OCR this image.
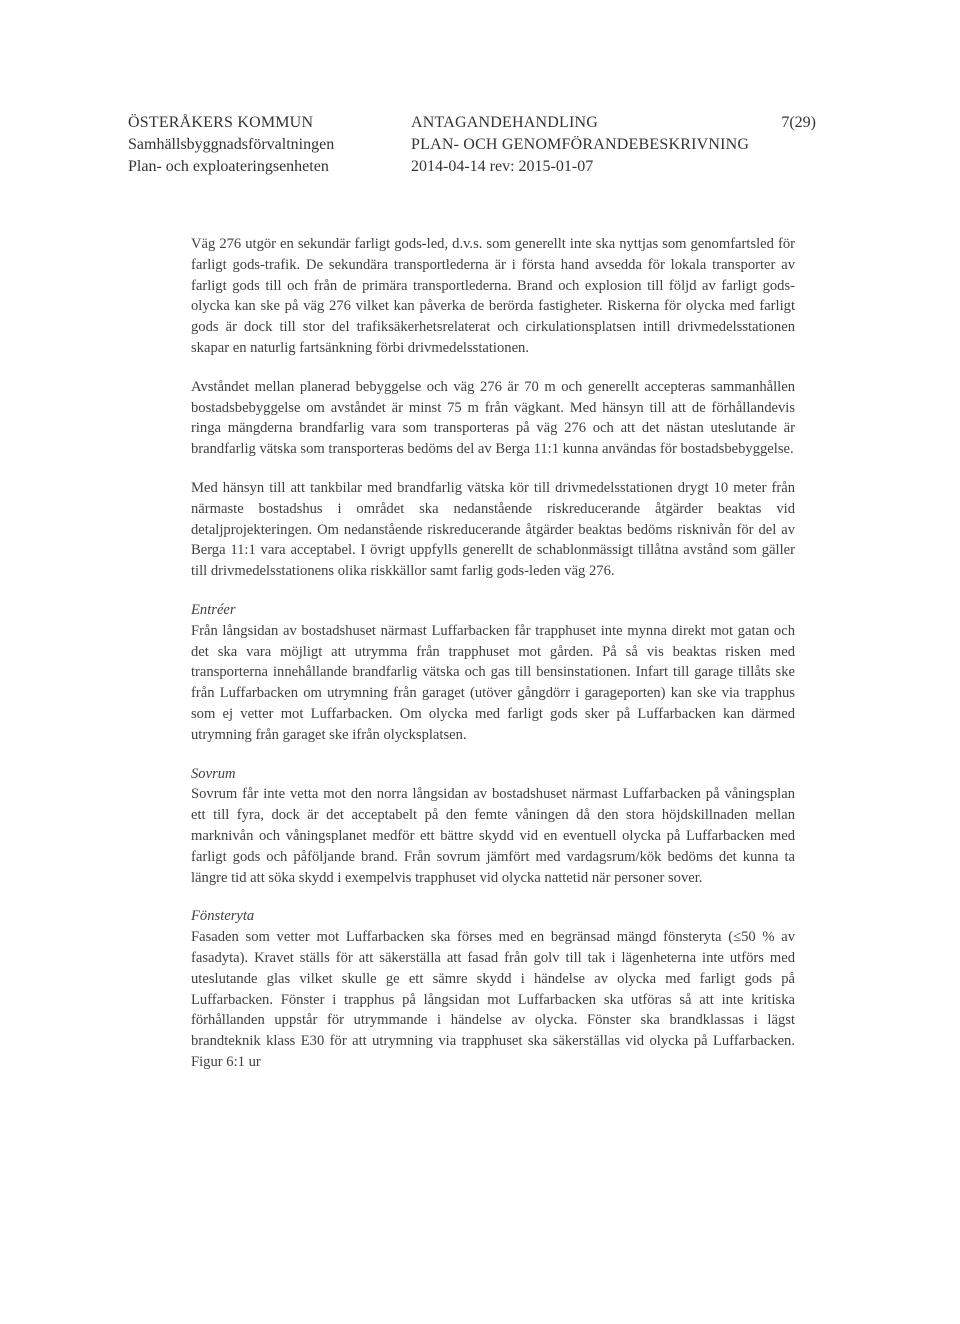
ÖSTERÅKERS KOMMUN
Samhällsbyggnadsförvaltningen
Plan- och exploateringsenheten
ANTAGANDEHANDLING
PLAN- OCH GENOMFÖRANDEBESKRIVNING
2014-04-14 rev: 2015-01-07
7(29)

Väg 276 utgör en sekundär farligt gods-led, d.v.s. som generellt inte ska nyttjas som genomfartsled för farligt gods-trafik. De sekundära transportlederna är i första hand avsedda för lokala transporter av farligt gods till och från de primära transportlederna. Brand och explosion till följd av farligt gods-olycka kan ske på väg 276 vilket kan påverka de berörda fastigheter. Riskerna för olycka med farligt gods är dock till stor del trafiksäkerhetsrelaterat och cirkulationsplatsen intill drivmedelsstationen skapar en naturlig fartsänkning förbi drivmedelsstationen.

Avståndet mellan planerad bebyggelse och väg 276 är 70 m och generellt accepteras sammanhållen bostadsbebyggelse om avståndet är minst 75 m från vägkant. Med hänsyn till att de förhållandevis ringa mängderna brandfarlig vara som transporteras på väg 276 och att det nästan uteslutande är brandfarlig vätska som transporteras bedöms del av Berga 11:1 kunna användas för bostadsbebyggelse.

Med hänsyn till att tankbilar med brandfarlig vätska kör till drivmedelsstationen drygt 10 meter från närmaste bostadshus i området ska nedanstående riskreducerande åtgärder beaktas vid detaljprojekteringen. Om nedanstående riskreducerande åtgärder beaktas bedöms risknivån för del av Berga 11:1 vara acceptabel. I övrigt uppfylls generellt de schablonmässigt tillåtna avstånd som gäller till drivmedelsstationens olika riskkällor samt farlig gods-leden väg 276.

Entréer

Från långsidan av bostadshuset närmast Luffarbacken får trapphuset inte mynna direkt mot gatan och det ska vara möjligt att utrymma från trapphuset mot gården. På så vis beaktas risken med transporterna innehållande brandfarlig vätska och gas till bensinstationen. Infart till garage tillåts ske från Luffarbacken om utrymning från garaget (utöver gångdörr i garageporten) kan ske via trapphus som ej vetter mot Luffarbacken. Om olycka med farligt gods sker på Luffarbacken kan därmed utrymning från garaget ske ifrån olycksplatsen.

Sovrum

Sovrum får inte vetta mot den norra långsidan av bostadshuset närmast Luffarbacken på våningsplan ett till fyra, dock är det acceptabelt på den femte våningen då den stora höjdskillnaden mellan marknivån och våningsplanet medför ett bättre skydd vid en eventuell olycka på Luffarbacken med farligt gods och påföljande brand. Från sovrum jämfört med vardagsrum/kök bedöms det kunna ta längre tid att söka skydd i exempelvis trapphuset vid olycka nattetid när personer sover.

Fönsteryta

Fasaden som vetter mot Luffarbacken ska förses med en begränsad mängd fönsteryta (≤50 % av fasadyta). Kravet ställs för att säkerställa att fasad från golv till tak i lägenheterna inte utförs med uteslutande glas vilket skulle ge ett sämre skydd i händelse av olycka med farligt gods på Luffarbacken. Fönster i trapphus på långsidan mot Luffarbacken ska utföras så att inte kritiska förhållanden uppstår för utrymmande i händelse av olycka. Fönster ska brandklassas i lägst brandteknik klass E30 för att utrymning via trapphuset ska säkerställas vid olycka på Luffarbacken. Figur 6:1 ur
